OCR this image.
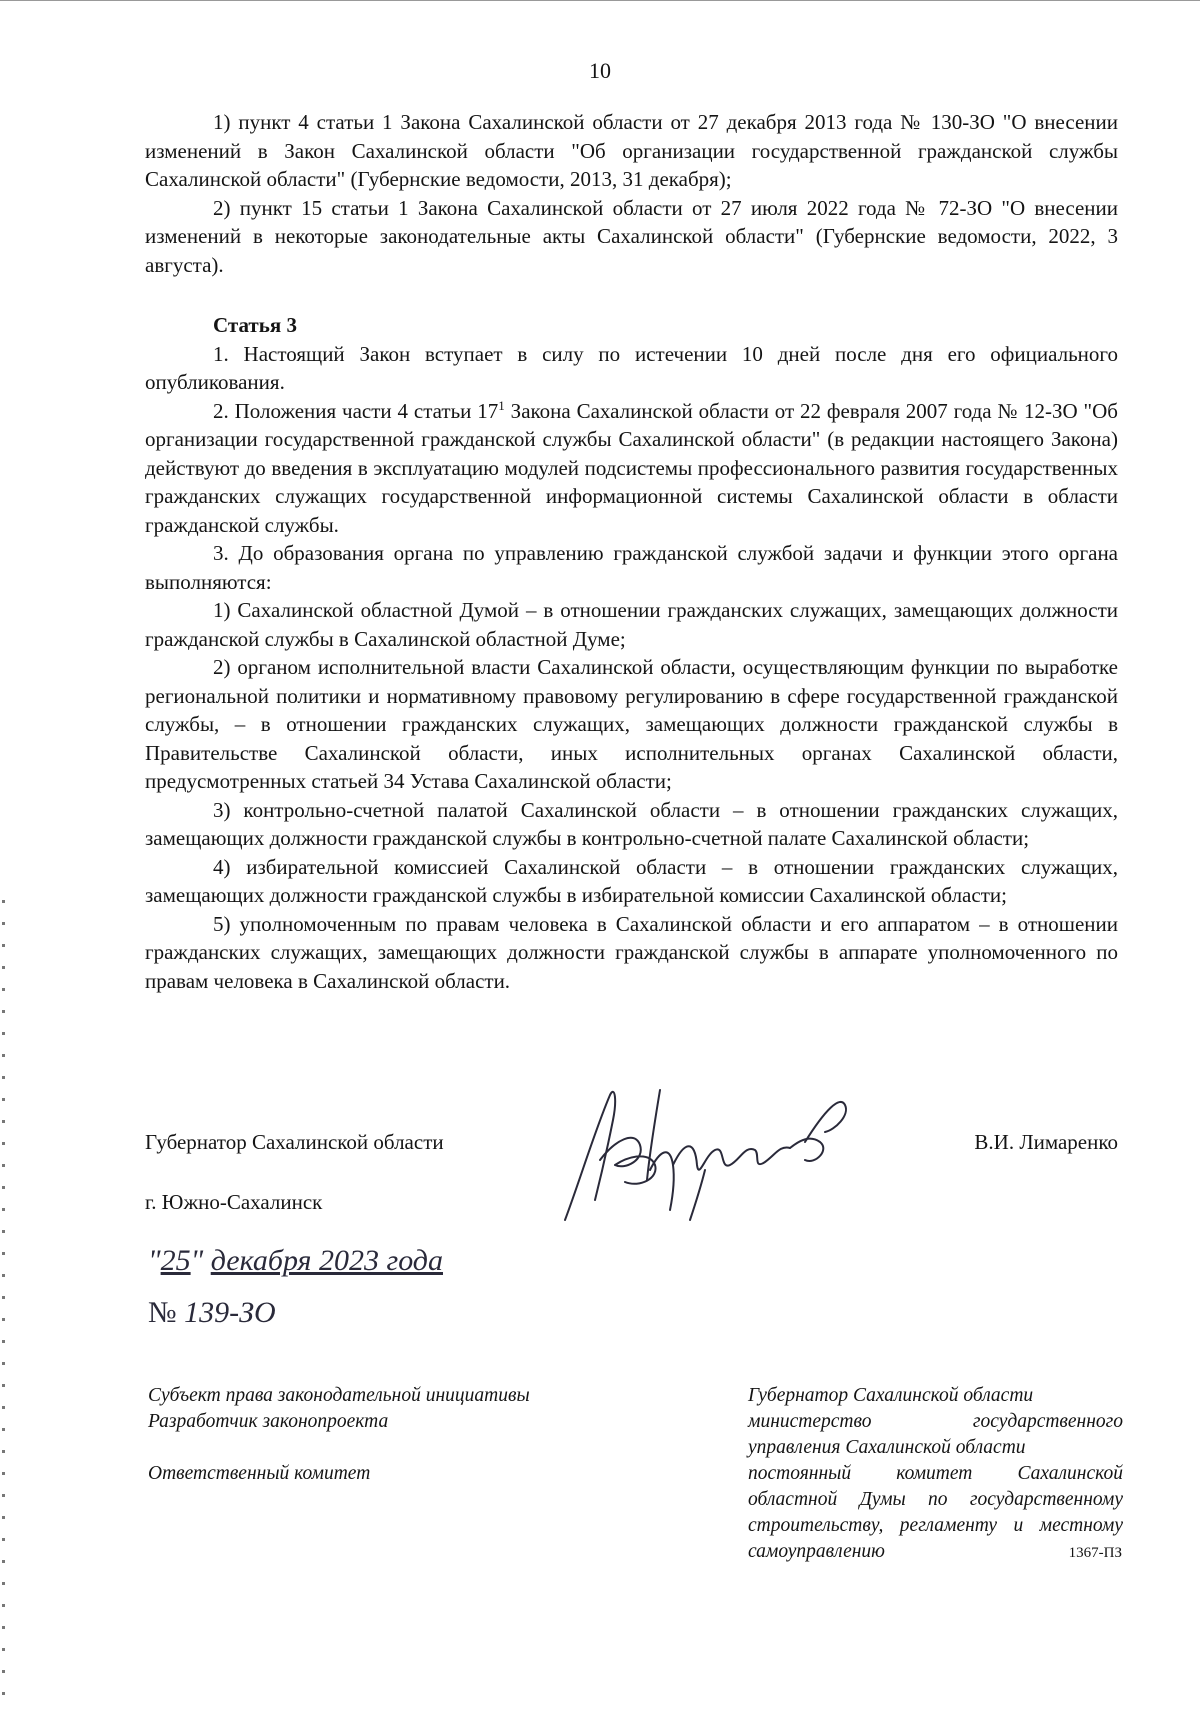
10

1) пункт 4 статьи 1 Закона Сахалинской области от 27 декабря 2013 года № 130-ЗО "О внесении изменений в Закон Сахалинской области "Об организации государственной гражданской службы Сахалинской области" (Губернские ведомости, 2013, 31 декабря);

2) пункт 15 статьи 1 Закона Сахалинской области от 27 июля 2022 года № 72-ЗО "О внесении изменений в некоторые законодательные акты Сахалинской области" (Губернские ведомости, 2022, 3 августа).

Статья 3

1. Настоящий Закон вступает в силу по истечении 10 дней после дня его официального опубликования.

2. Положения части 4 статьи $17^1$ Закона Сахалинской области от 22 февраля 2007 года № 12-ЗО "Об организации государственной гражданской службы Сахалинской области" (в редакции настоящего Закона) действуют до введения в эксплуатацию модулей подсистемы профессионального развития государственных гражданских служащих государственной информационной системы Сахалинской области в области гражданской службы.

3. До образования органа по управлению гражданской службой задачи и функции этого органа выполняются:

1) Сахалинской областной Думой – в отношении гражданских служащих, замещающих должности гражданской службы в Сахалинской областной Думе;

2) органом исполнительной власти Сахалинской области, осуществляющим функции по выработке региональной политики и нормативному правовому регулированию в сфере государственной гражданской службы, – в отношении гражданских служащих, замещающих должности гражданской службы в Правительстве Сахалинской области, иных исполнительных органах Сахалинской области, предусмотренных статьей 34 Устава Сахалинской области;

3) контрольно-счетной палатой Сахалинской области – в отношении гражданских служащих, замещающих должности гражданской службы в контрольно-счетной палате Сахалинской области;

4) избирательной комиссией Сахалинской области – в отношении гражданских служащих, замещающих должности гражданской службы в избирательной комиссии Сахалинской области;

5) уполномоченным по правам человека в Сахалинской области и его аппаратом – в отношении гражданских служащих, замещающих должности гражданской службы в аппарате уполномоченного по правам человека в Сахалинской области.

Губернатор Сахалинской области	В.И. Лимаренко
г. Южно-Сахалинск
"25" декабря 2023 года
№ 139-ЗО

Субъект права законодательной инициативы

Разработчик законопроекта

Ответственный комитет

Губернатор Сахалинской области

министерство государственного управления Сахалинской области

постоянный комитет Сахалинской областной Думы по государственному строительству, регламенту и местному самоуправлению	1367-ПЗ
